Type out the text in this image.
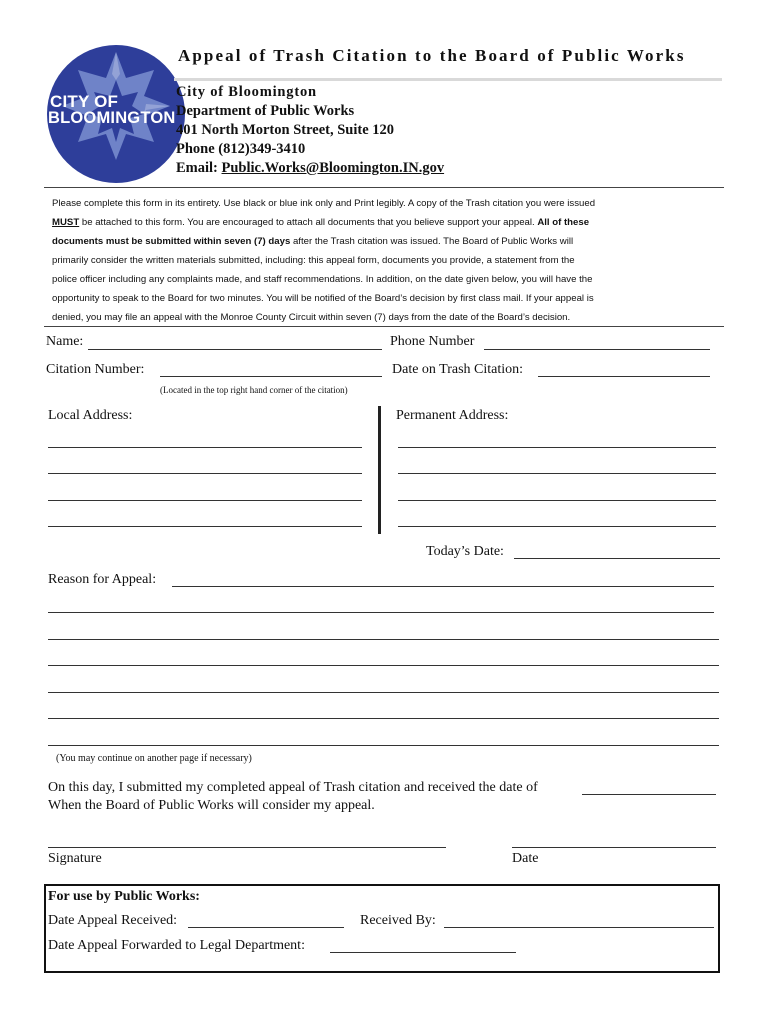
CITY OF
BLOOMINGTON
Appeal of Trash Citation to the Board of Public Works
City of Bloomington
Department of Public Works
401 North Morton Street, Suite 120
Phone (812)349-3410
Email: Public.Works@Bloomington.IN.gov
Please complete this form in its entirety. Use black or blue ink only and Print legibly. A copy of the Trash citation you were issued
MUST be attached to this form. You are encouraged to attach all documents that you believe support your appeal. All of these
documents must be submitted within seven (7) days after the Trash citation was issued. The Board of Public Works will
primarily consider the written materials submitted, including: this appeal form, documents you provide, a statement from the
police officer including any complaints made, and staff recommendations. In addition, on the date given below, you will have the
opportunity to speak to the Board for two minutes. You will be notified of the Board’s decision by first class mail. If your appeal is
denied, you may file an appeal with the Monroe County Circuit within seven (7) days from the date of the Board’s decision.
Name:	Phone Number
Citation Number:	Date on Trash Citation:
(Located in the top right hand corner of the citation)
Local Address:	Permanent Address:
Today’s Date:
Reason for Appeal:
(You may continue on another page if necessary)
On this day, I submitted my completed appeal of Trash citation and received the date of
When the Board of Public Works will consider my appeal.
Signature	Date
For use by Public Works:
Date Appeal Received:	Received By:
Date Appeal Forwarded to Legal Department:
